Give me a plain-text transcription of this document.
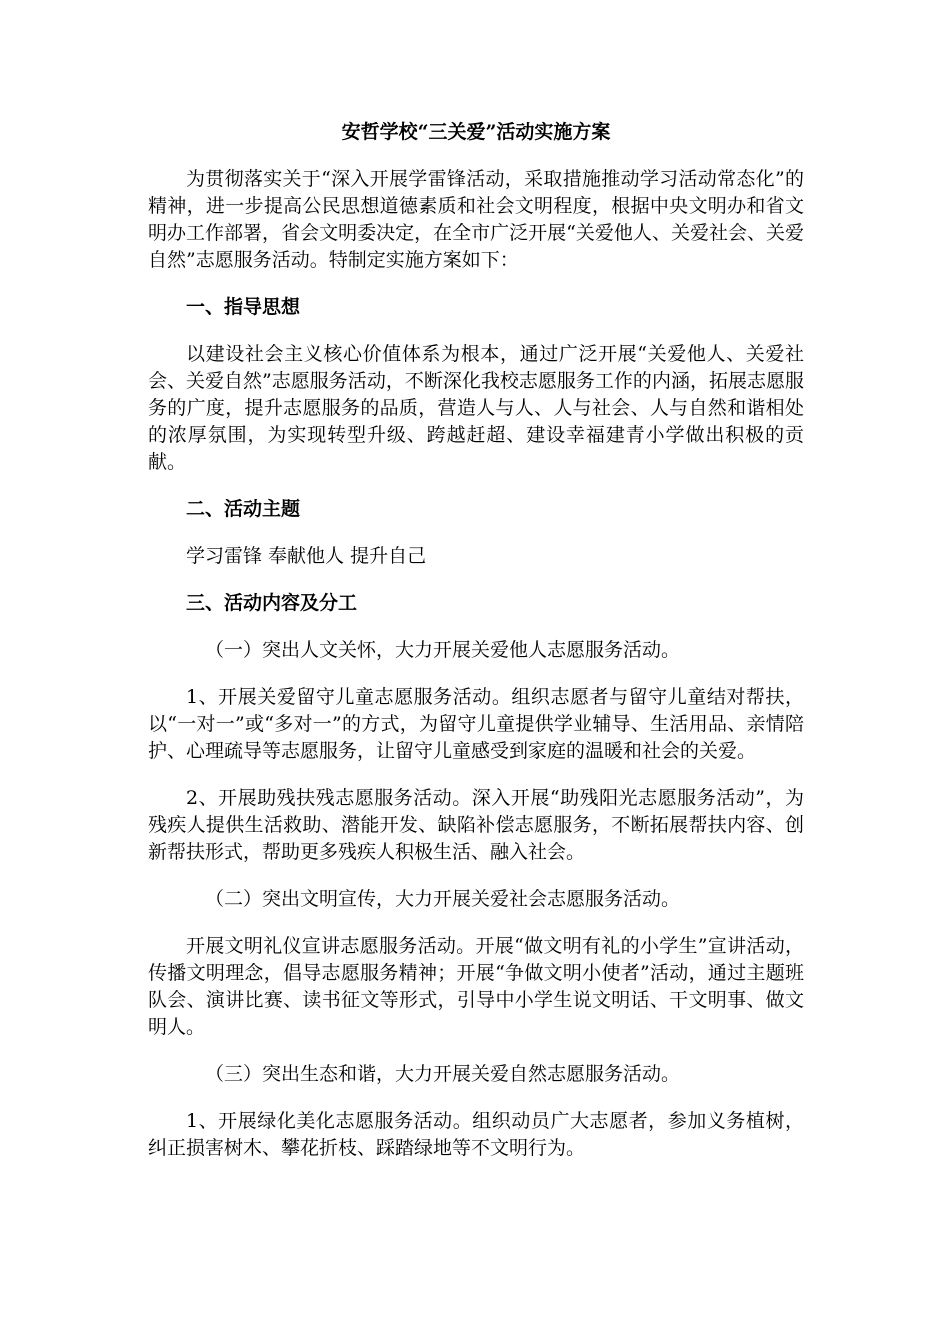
安哲学校“三关爱”活动实施方案

为贯彻落实关于“深入开展学雷锋活动，采取措施推动学习活动常态化”的精神，进一步提高公民思想道德素质和社会文明程度，根据中央文明办和省文明办工作部署，省会文明委决定，在全市广泛开展“关爱他人、关爱社会、关爱自然”志愿服务活动。特制定实施方案如下：

一、指导思想

以建设社会主义核心价值体系为根本，通过广泛开展“关爱他人、关爱社会、关爱自然”志愿服务活动，不断深化我校志愿服务工作的内涵，拓展志愿服务的广度，提升志愿服务的品质，营造人与人、人与社会、人与自然和谐相处的浓厚氛围，为实现转型升级、跨越赶超、建设幸福建青小学做出积极的贡献。

二、活动主题

学习雷锋 奉献他人 提升自己

三、活动内容及分工

（一）突出人文关怀，大力开展关爱他人志愿服务活动。

1、开展关爱留守儿童志愿服务活动。组织志愿者与留守儿童结对帮扶，以“一对一”或“多对一”的方式，为留守儿童提供学业辅导、生活用品、亲情陪护、心理疏导等志愿服务，让留守儿童感受到家庭的温暖和社会的关爱。

2、开展助残扶残志愿服务活动。深入开展“助残阳光志愿服务活动”，为残疾人提供生活救助、潜能开发、缺陷补偿志愿服务，不断拓展帮扶内容、创新帮扶形式，帮助更多残疾人积极生活、融入社会。

（二）突出文明宣传，大力开展关爱社会志愿服务活动。

开展文明礼仪宣讲志愿服务活动。开展“做文明有礼的小学生”宣讲活动，传播文明理念，倡导志愿服务精神；开展“争做文明小使者”活动，通过主题班队会、演讲比赛、读书征文等形式，引导中小学生说文明话、干文明事、做文明人。

（三）突出生态和谐，大力开展关爱自然志愿服务活动。

1、开展绿化美化志愿服务活动。组织动员广大志愿者，参加义务植树，纠正损害树木、攀花折枝、踩踏绿地等不文明行为。
